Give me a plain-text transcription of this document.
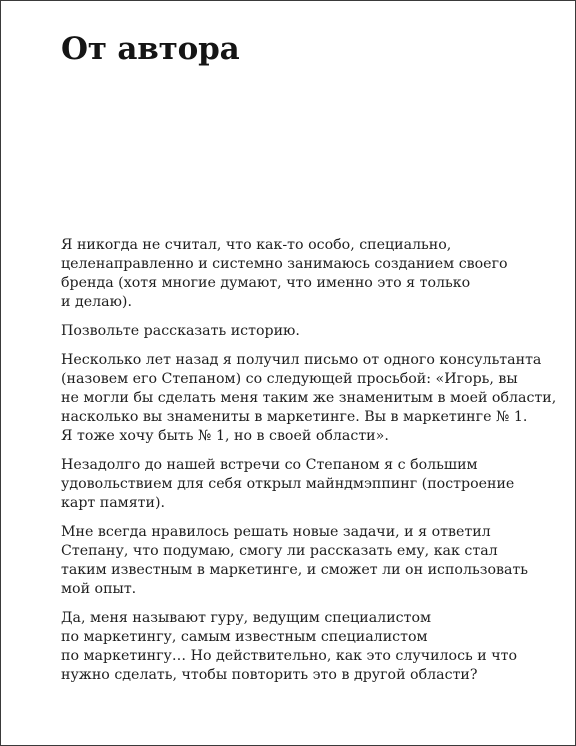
От автора

Я никогда не считал, что как-то особо, специально,
целенаправленно и системно занимаюсь созданием своего
бренда (хотя многие думают, что именно это я только
и делаю).

Позвольте рассказать историю.

Несколько лет назад я получил письмо от одного консультанта
(назовем его Степаном) со следующей просьбой: «Игорь, вы
не могли бы сделать меня таким же знаменитым в моей области,
насколько вы знамениты в маркетинге. Вы в маркетинге № 1.
Я тоже хочу быть № 1, но в своей области».

Незадолго до нашей встречи со Степаном я с большим
удовольствием для себя открыл майндмэппинг (построение
карт памяти).

Мне всегда нравилось решать новые задачи, и я ответил
Степану, что подумаю, смогу ли рассказать ему, как стал
таким известным в маркетинге, и сможет ли он использовать
мой опыт.

Да, меня называют гуру, ведущим специалистом
по маркетингу, самым известным специалистом
по маркетингу… Но действительно, как это случилось и что
нужно сделать, чтобы повторить это в другой области?
